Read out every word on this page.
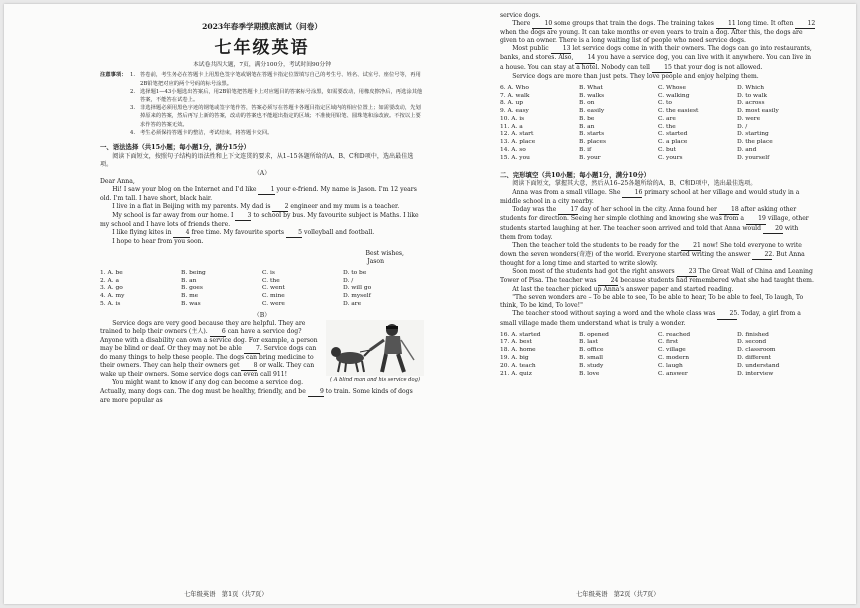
2023年春季学期摸底测试（问卷）
七年级英语
本试卷共四大题，7页，满分100分，考试时间90分钟
注意事项： 1. 答卷前，考生务必在答题卡上用黑色签字笔或钢笔在答题卡指定位置填写自己的考生号、姓名、试室号、座位号等，再用2B铅笔把对应的两个号码的标号涂黑。
2. 选择题1—43小题选出答案后，用2B铅笔把答题卡上对应题目的答案标号涂黑，如需要改动，用橡皮擦净后，再选涂其他答案，不能答在试卷上。
3. 非选择题必须用黑色字迹的钢笔或签字笔作答，答案必须写在答题卡各题目指定区域内的相应位置上；如需要改动，先划掉原来的答案，然后再写上新的答案，改动的答案也不能超出指定的区域；不准使用铅笔、圆珠笔和涂改液。不按以上要求作答的答案无效。
4. 考生必须保持答题卡的整洁，考试结束，将答题卡交回。
一、语法选择（共15小题；每小题1分，满分15分）

阅读下面短文，按照句子结构的语法性和上下文连贯的要求，从1–15各题所给的A、B、C和D项中，选出最佳选项。

（A）

Dear Anna,

Hi! I saw your blog on the Internet and I'd like 1 your e-friend. My name is Jason. I'm 12 years old. I'm tall. I have short, black hair.

I live in a flat in Beijing with my parents. My dad is 2 engineer and my mum is a teacher.

My school is far away from our home. I 3 to school by bus. My favourite subject is Maths. I like my school and I have lots of friends there.

I like flying kites in 4 free time. My favourite sports 5 volleyball and football.

I hope to hear from you soon.

Best wishes,
Jason
1. A. be	B. being	C. is	D. to be
2. A. a	B. an	C. the	D. /
3. A. go	B. goes	C. went	D. will go
4. A. my	B. me	C. mine	D. myself
5. A. is	B. was	C. were	D. are
（B）
( A blind man and his service dog)

Service dogs are very good because they are helpful. They are trained to help their owners (主人). 6 can have a service dog? Anyone with a disability can own a service dog. For example, a person may be blind or deaf. Or they may not be able 7. Service dogs can do many things to help these people. The dogs can bring medicine to their owners. They can help their owners get 8 or walk. They can wake up their owners. Some service dogs can even call 911!

You might want to know if any dog can become a service dog. Actually, many dogs can. The dog must be healthy, friendly, and be 9 to train. Some kinds of dogs are more popular as

七年级英语　第1页（共7页）

service dogs.

There 10 some groups that train the dogs. The training takes 11 long time. It often 12 when the dogs are young. It can take months or even years to train a dog. After this, the dogs are given to an owner. There is a long waiting list of people who need service dogs.

Most public 13 let service dogs come in with their owners. The dogs can go into restaurants, banks, and stores. Also, 14 you have a service dog, you can live with it anywhere. You can live in a house. You can stay at a hotel. Nobody can tell 15 that your dog is not allowed.

Service dogs are more than just pets. They love people and enjoy helping them.

6. A. Who	B. What	C. Whose	D. Which
7. A. walk	B. walks	C. walking	D. to walk
8. A. up	B. on	C. to	D. across
9. A. easy	B. easily	C. the easiest	D. most easily
10. A. is	B. be	C. are	D. were
11. A. a	B. an	C. the	D. /
12. A. start	B. starts	C. started	D. starting
13. A. place	B. places	C. a place	D. the place
14. A. so	B. if	C. but	D. and
15. A. you	B. your	C. yours	D. yourself
二、完形填空（共10小题；每小题1分，满分10分）

阅读下面短文，掌握其大意，然后从16–25各题所给的A、B、C和D项中，选出最佳选项。

Anna was from a small village. She 16 primary school at her village and would study in a middle school in a city nearby.

Today was the 17 day of her school in the city. Anna found her 18 after asking other students for direction. Seeing her simple clothing and knowing she was from a 19 village, other students started laughing at her. The teacher soon arrived and told that Anna would 20 with them from today.

Then the teacher told the students to be ready for the 21 now! She told everyone to write down the seven wonders(奇迹) of the world. Everyone started writing the answer 22. But Anna thought for a long time and started to write slowly.

Soon most of the students had got the right answers 23 The Great Wall of China and Leaning Tower of Pisa. The teacher was 24 because students had remembered what she had taught them.

At last the teacher picked up Anna's answer paper and started reading.

"The seven wonders are – To be able to see, To be able to hear, To be able to feel, To laugh, To think, To be kind, To love!"

The teacher stood without saying a word and the whole class was 25. Today, a girl from a small village made them understand what is truly a wonder.

16. A. started	B. opened	C. reached	D. finished
17. A. best	B. last	C. first	D. second
18. A. home	B. office	C. village	D. classroom
19. A. big	B. small	C. modern	D. different
20. A. teach	B. study	C. laugh	D. understand
21. A. quiz	B. love	C. answer	D. interview
七年级英语　第2页（共7页）
